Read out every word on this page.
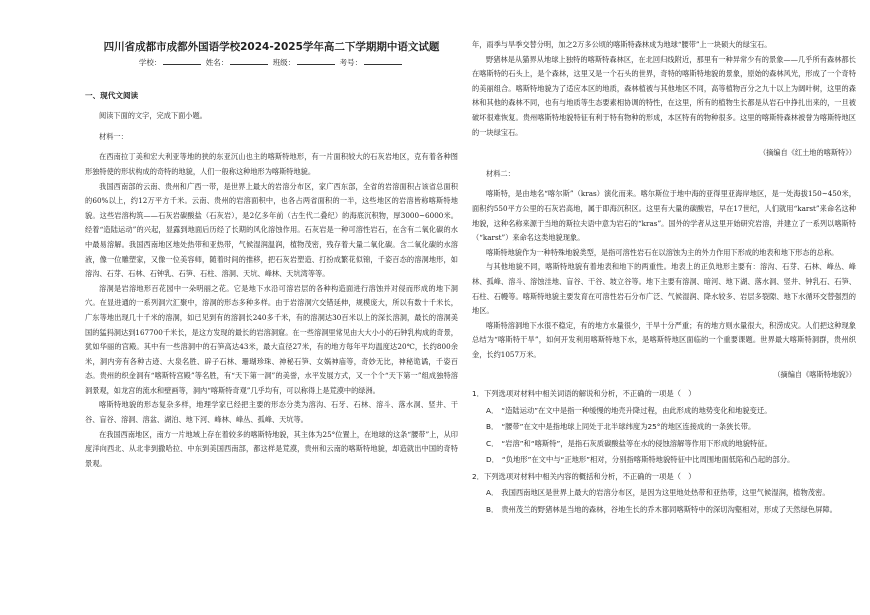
四川省成都市成都外国语学校2024-2025学年高二下学期期中语文试题
学校：	姓名：	班级：	考号：
一、现代文阅读

阅读下面的文字，完成下面小题。

材料一：

在西南拉丁美和宏大利亚等地的狭的东亚沉山也主的喀斯特地形，有一片面积较大的石灰岩地区，克有着各种图形独特使的形状构成的奇特的地貌，人们一般称这种地形为喀斯特地貌。

我国西南部的云南、贵州和广西一带，是世界上最大的岩溶分布区，家广西东部，全省的岩溶面积占该省总面积的60%以上，约12万平方千米。云南、贵州的岩溶面积中，也各占两省面积的一半，这些地区的岩溶皆称喀斯特地貌。这些岩溶构筑——石灰岩碳酸盐（石灰岩），是2亿多年前（古生代二叠纪）的海底沉积物，厚3000~6000米。经着“造陆运动”的兴起，显露到地面后历经了长期的风化溶蚀作用。石灰岩是一种可溶性岩石，在含有二氧化碳的水中最易溶解。我国西南地区地处热带和亚热带，气候湿润温润，植物茂密，残存着大量二氧化碳。含二氧化碳的水溶液，像一位雕塑家，又像一位美容师，随着时间的推移，把石灰岩塑造、打扮成繁花似锦，千姿百态的溶洞地形，如溶沟、石芽、石林、石钟乳、石笋、石柱、溶洞、天坑、峰林、天坑湾等等。

溶洞是岩溶地形百花园中一朵明丽之花。它是地下水沿可溶岩层的各种构造面进行溶蚀并对侵而形成的地下洞穴。在显进通的一系列洞穴汇聚中，溶洞的形态多种多样。由于岩溶洞穴交错延伸，规模庞大，所以有数十千米长，广东等地出现几十千米的溶洞，如已见到有的溶洞长240多千米，有的溶洞达30百米以上的深长溶洞，最长的溶洞美国的猛犸洞达到167700千米长，是这方发现的最长的岩溶洞窟。在一些溶洞里常见由大大小小的石钟乳构成的奇景，犹如华丽的宫殿。其中有一些溶洞中的石笋高达43米，最大直径27米，有的地方每年平均温度达20℃，长约800余米，洞内旁有各种古迹、大泉名胜、辟子石林、珊瑚珍珠、神秘石笋、女娲神庙等，奇妙无比，神秘诡谲，千姿百态。贵州的织金洞有“喀斯特宫殿”等名胜，有“天下第一洞”的美誉，水平发展方式，又一个个“天下第一”组成独特溶洞景观，如龙宫的流水和壁画等，洞内“喀斯特奇观”几乎均有，可以称得上是荒漠中的绿洲。

喀斯特地貌的形态复杂多样，地理学家已经把主要的形态分类为溶沟、石牙、石林、溶斗、落水洞、竖井、干谷、盲谷、溶洞、溶盆、湖泊、地下河、峰林、峰丛、孤峰、天坑等。

在我国西南地区，南方一片地域上存在着较多的喀斯特地貌，其主体为25°位置上，在地球的这条“腰带”上，从印度洋向西北、从北非到撒哈拉、中东到美国西南部，都这样是荒漠，贵州和云南的喀斯特地貌，却造就出中国的奇特景观。

年，雨季与旱季交替分明，加之2万多公顷的喀斯特森林成为地球“腰带”上一块硕大的绿宝石。

野猪林是从猫界从地球上独特的喀斯特森林区，在北回归线附近，那里有一种异常少有的景象——几乎所有森林都长在喀斯特的石头上，是个森林，这里又是一个石头的世界，奇特的喀斯特地貌的景象，原始的森林风光，形成了一个奇特的美丽组合。喀斯特地貌为了适应本区的地质，森林植被与其他地区不同，高等植物百分之九十以上为阔叶树，这里的森林和其他的森林不同，也有与地质等生态要素相协调的特性，在这里，所有的植物生长都是从岩石中挣扎出来的，一旦被破坏很难恢复。贵州喀斯特地貌特征有利于特有物种的形成，本区特有的物种很多。这里的喀斯特森林被誉为喀斯特地区的一块绿宝石。

（摘编自《红土地的喀斯特》）

材料二：

喀斯特，是由地名“喀尔斯”（kras）演化而来。喀尔斯位于地中海的亚得里亚海岸地区，是一处海拔150~450米，面积约550平方公里的石灰岩高地，属于即海沉积区。这里有大量的碳酸岩，早在17世纪，人们就用“karst”来命名这种地貌，这种名称来源于当地的斯拉夫语中意为岩石的“kras”。国外的学者从这里开始研究岩溶，并建立了一系列以喀斯特（“karst”）来命名这类地貌现象。

喀斯特地貌作为一种特殊地貌类型，是指可溶性岩石在以溶蚀为主的外力作用下形成的地表和地下形态的总称。

与其他地貌不同，喀斯特地貌有着地表和地下的两重性。地表上的正负地形主要有：溶沟、石芽、石林、峰丛、峰林、孤峰、溶斗、溶蚀洼地、盲谷、干谷、坡立谷等。地下主要有溶洞、暗河、地下湖、落水洞、竖井、钟乳石、石笋、石柱、石幔等。喀斯特地貌主要发育在可溶性岩石分布广泛、气候湿润、降水较多、岩层多裂隙、地下水循环交替强烈的地区。

喀斯特溶洞地下水很不稳定，有的地方水量很少，干旱十分严重；有的地方则水量很大，积涝成灾。人们把这种现象总结为“喀斯特干旱”，如何开发利用喀斯特地下水，是喀斯特地区面临的一个重要课题。世界最大喀斯特洞群，贵州织金，长约1057万米。

（摘编自《喀斯特地貌》）

1．下列选项对材料中相关词语的解说和分析，不正确的一项是（　）

A． “造陆运动”在文中是指一种缓慢的地壳升降过程，由此形成的地势变化和地貌变迁。

B． “腰带”在文中是指地球上同处于北半球纬度为25°的地区连接成的一条狭长带。

C． “岩溶”和“喀斯特”，是指石灰质碳酸盐等在水的侵蚀溶解等作用下形成的地貌特征。

D． “负地形”在文中与“正地形”相对，分别指喀斯特地貌特征中比周围地面低陷和凸起的部分。

2．下列选项对材料中相关内容的概括和分析，不正确的一项是（　）

A． 我国西南地区是世界上最大的岩溶分布区，是因为这里地处热带和亚热带，这里气候湿润，植物茂密。

B． 贵州茂兰的野猪林是当地的森林，谷地生长的乔木都同喀斯特中的深切沟壑相对，形成了天然绿色屏障。
